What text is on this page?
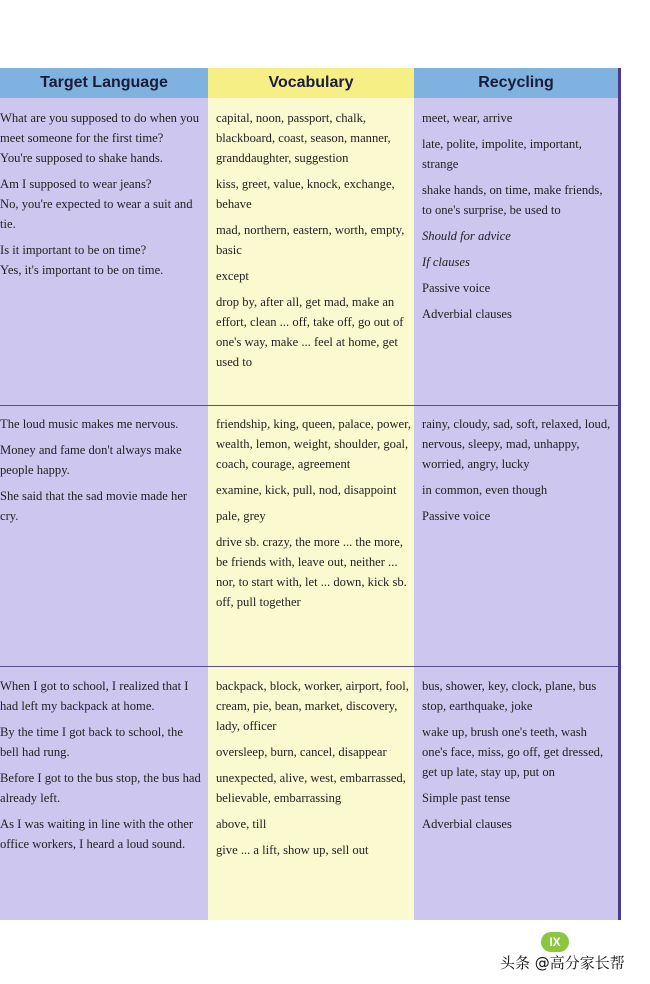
Target Language

What are you supposed to do when you meet someone for the first time?

You're supposed to shake hands.

Am I supposed to wear jeans?

No, you're expected to wear a suit and tie.

Is it important to be on time?

Yes, it's important to be on time.

The loud music makes me nervous.

Money and fame don't always make people happy.

She said that the sad movie made her cry.

When I got to school, I realized that I had left my backpack at home.

By the time I got back to school, the bell had rung.

Before I got to the bus stop, the bus had already left.

As I was waiting in line with the other office workers, I heard a loud sound.

Vocabulary
capital, noon, passport, chalk, blackboard, coast, season, manner, granddaughter, suggestion
kiss, greet, value, knock, exchange, behave
mad, northern, eastern, worth, empty, basic
except
drop by, after all, get mad, make an effort, clean ... off, take off, go out of one's way, make ... feel at home, get used to
friendship, king, queen, palace, power, wealth, lemon, weight, shoulder, goal, coach, courage, agreement
examine, kick, pull, nod, disappoint
pale, grey
drive sb. crazy, the more ... the more, be friends with, leave out, neither ... nor, to start with, let ... down, kick sb. off, pull together
backpack, block, worker, airport, fool, cream, pie, bean, market, discovery, lady, officer
oversleep, burn, cancel, disappear
unexpected, alive, west, embarrassed, believable, embarrassing
above, till
give ... a lift, show up, sell out
Recycling
meet, wear, arrive
late, polite, impolite, important, strange
shake hands, on time, make friends, to one's surprise, be used to
Should for advice
If clauses
Passive voice
Adverbial clauses
rainy, cloudy, sad, soft, relaxed, loud, nervous, sleepy, mad, unhappy, worried, angry, lucky
in common, even though
Passive voice
bus, shower, key, clock, plane, bus stop, earthquake, joke
wake up, brush one's teeth, wash one's face, miss, go off, get dressed, get up late, stay up, put on
Simple past tense
Adverbial clauses
IX
头条 @高分家长帮
